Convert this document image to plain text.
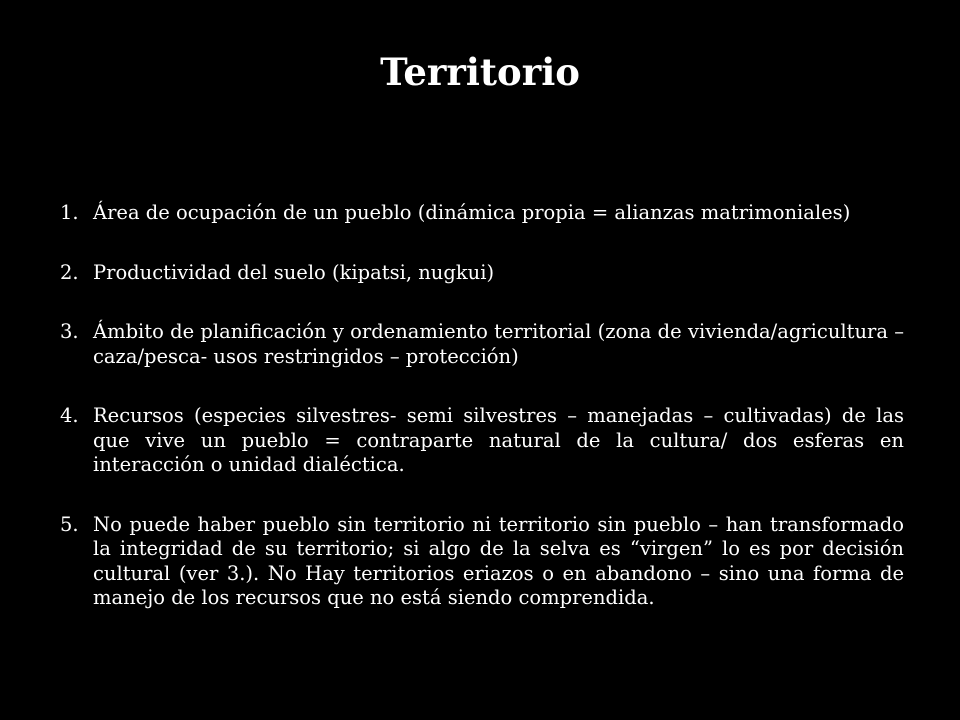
Territorio
1. Área de ocupación de un pueblo (dinámica propia = alianzas matrimoniales)
2. Productividad del suelo (kipatsi, nugkui)
3. Ámbito de planificación y ordenamiento territorial (zona de vivienda/agricultura –caza/pesca- usos restringidos – protección)
4. Recursos (especies silvestres- semi silvestres – manejadas – cultivadas) de las que vive un pueblo = contraparte natural de la cultura/ dos esferas en interacción o unidad dialéctica.
5. No puede haber pueblo sin territorio ni territorio sin pueblo – han transformado la integridad de su territorio; si algo de la selva es “virgen” lo es por decisión cultural (ver 3.). No Hay territorios eriazos o en abandono – sino una forma de manejo de los recursos que no está siendo comprendida.
